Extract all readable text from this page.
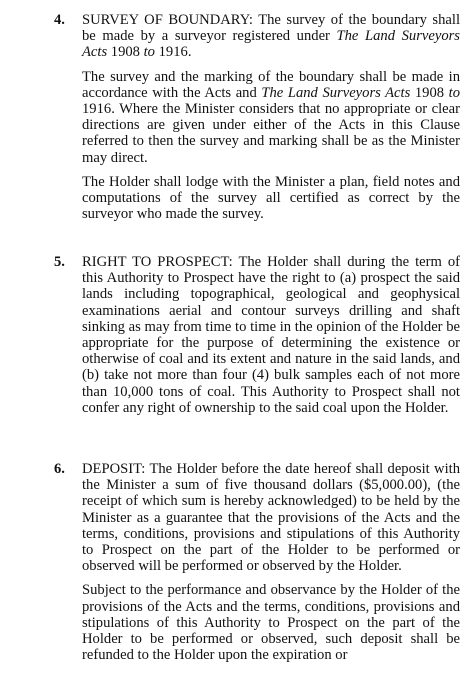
4. SURVEY OF BOUNDARY: The survey of the boundary shall be made by a surveyor registered under The Land Surveyors Acts 1908 to 1916.

The survey and the marking of the boundary shall be made in accordance with the Acts and The Land Surveyors Acts 1908 to 1916. Where the Minister considers that no appropriate or clear directions are given under either of the Acts in this Clause referred to then the survey and marking shall be as the Minister may direct.

The Holder shall lodge with the Minister a plan, field notes and computations of the survey all certified as correct by the surveyor who made the survey.

5. RIGHT TO PROSPECT: The Holder shall during the term of this Authority to Prospect have the right to (a) prospect the said lands including topographical, geological and geophysical examinations aerial and contour surveys drilling and shaft sinking as may from time to time in the opinion of the Holder be appropriate for the purpose of determining the existence or otherwise of coal and its extent and nature in the said lands, and (b) take not more than four (4) bulk samples each of not more than 10,000 tons of coal. This Authority to Prospect shall not confer any right of ownership to the said coal upon the Holder.

6. DEPOSIT: The Holder before the date hereof shall deposit with the Minister a sum of five thousand dollars ($5,000.00), (the receipt of which sum is hereby acknowledged) to be held by the Minister as a guarantee that the provisions of the Acts and the terms, conditions, provisions and stipulations of this Authority to Prospect on the part of the Holder to be performed or observed will be performed or observed by the Holder.

Subject to the performance and observance by the Holder of the provisions of the Acts and the terms, conditions, provisions and stipulations of this Authority to Prospect on the part of the Holder to be performed or observed, such deposit shall be refunded to the Holder upon the expiration or
